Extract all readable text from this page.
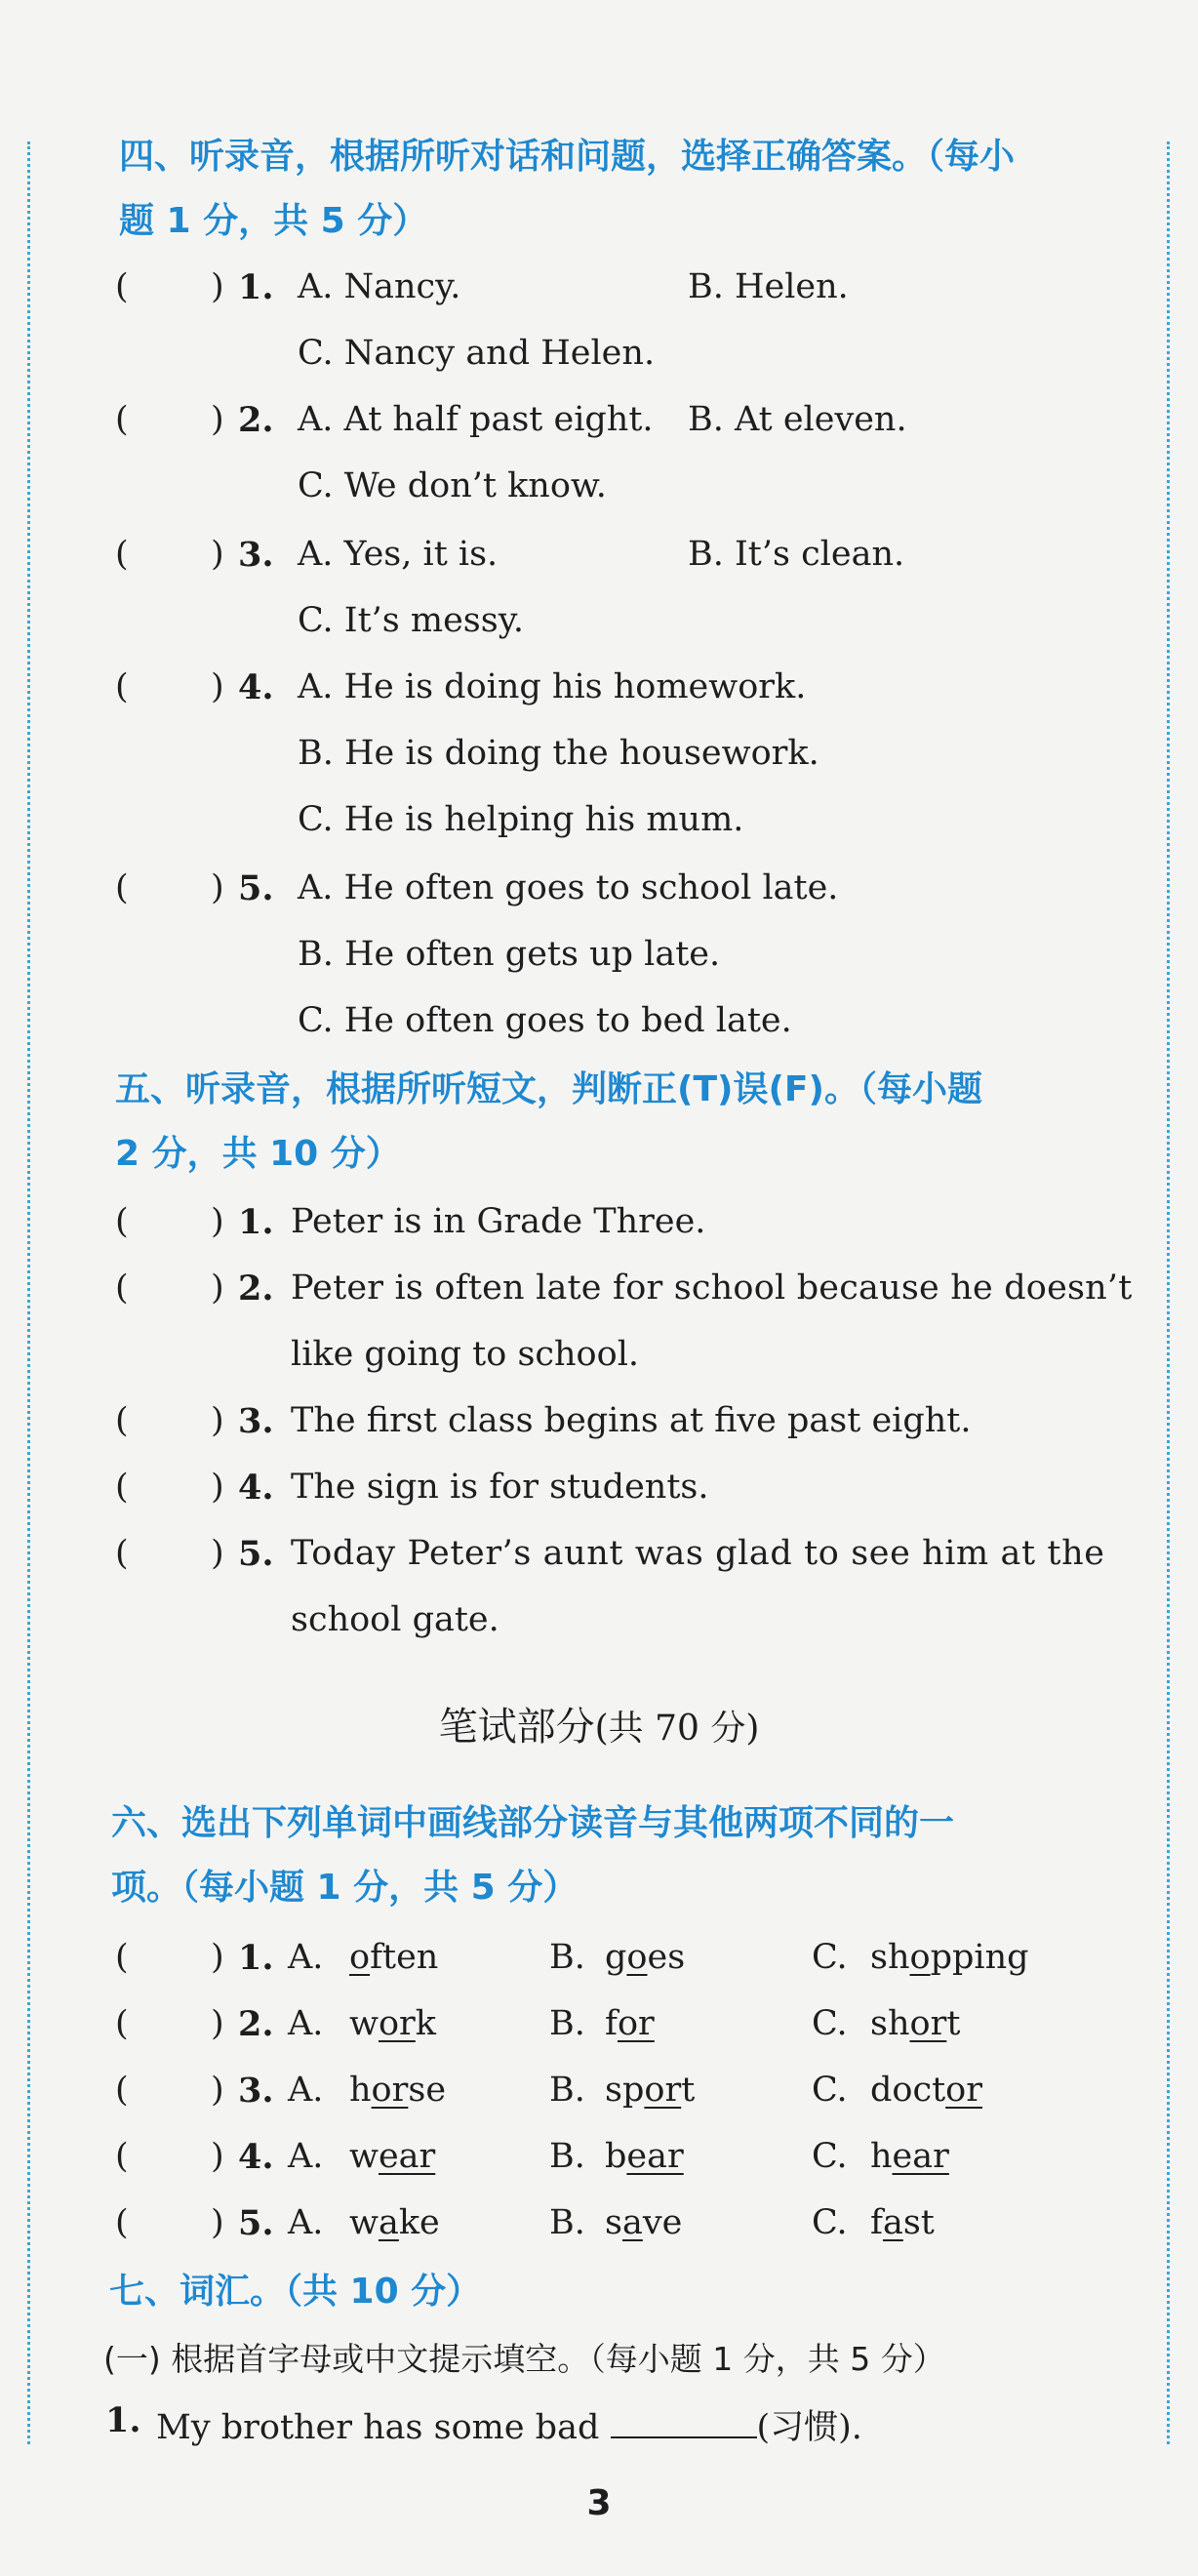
四、听录音，根据所听对话和问题，选择正确答案。（每小
题 1 分，共 5 分）
( ) 1. A. Nancy.	B. Helen.
C. Nancy and Helen.
( ) 2. A. At half past eight. B. At eleven.
C. We don’t know.
( ) 3. A. Yes, it is.	B. It’s clean.
C. It’s messy.
( ) 4. A. He is doing his homework.
B. He is doing the housework.
C. He is helping his mum.
( ) 5. A. He often goes to school late.
B. He often gets up late.
C. He often goes to bed late.
五、听录音，根据所听短文，判断正(T)误(F)。（每小题
2 分，共 10 分）
( ) 1. Peter is in Grade Three.
( ) 2. Peter is often late for school because he doesn’t
like going to school.
( ) 3. The first class begins at five past eight.
( ) 4. The sign is for students.
( ) 5. Today Peter’s aunt was glad to see him at the
school gate.
笔试部分(共 70 分)
六、选出下列单词中画线部分读音与其他两项不同的一
项。（每小题 1 分，共 5 分）
( ) 1. A. often	B. goes	C. shopping
( ) 2. A. work	B. for	C. short
( ) 3. A. horse	B. sport	C. doctor
( ) 4. A. wear	B. bear	C. hear
( ) 5. A. wake	B. save	C. fast
七、词汇。（共 10 分）
(一) 根据首字母或中文提示填空。（每小题 1 分，共 5 分）
1. My brother has some bad	(习惯).
3
